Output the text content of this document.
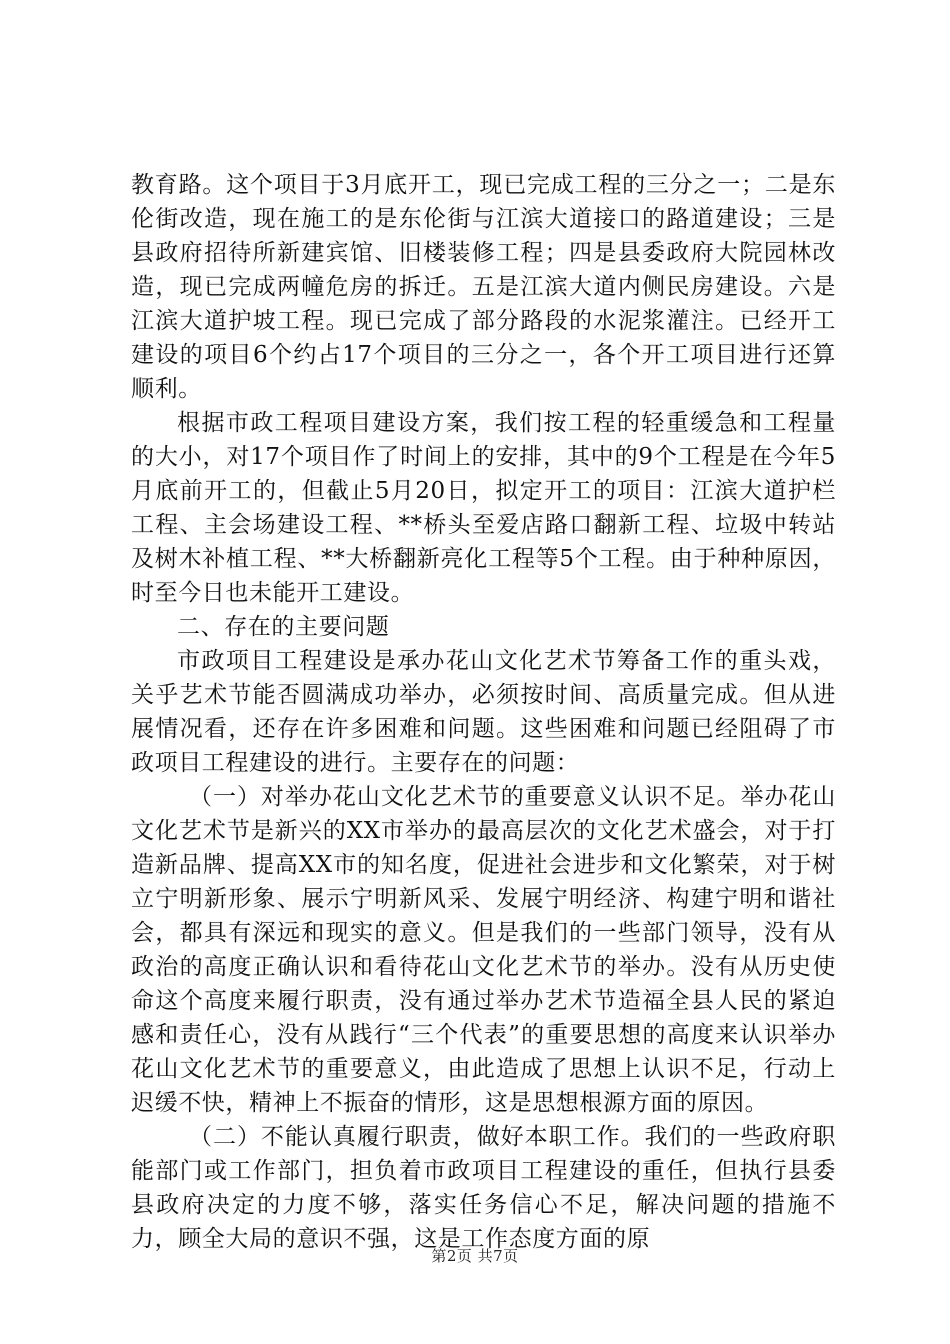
教育路。这个项目于3月底开工，现已完成工程的三分之一；二是东伦街改造，现在施工的是东伦街与江滨大道接口的路道建设；三是县政府招待所新建宾馆、旧楼装修工程；四是县委政府大院园林改造，现已完成两幢危房的拆迁。五是江滨大道内侧民房建设。六是江滨大道护坡工程。现已完成了部分路段的水泥浆灌注。已经开工建设的项目6个约占17个项目的三分之一，各个开工项目进行还算顺利。

根据市政工程项目建设方案，我们按工程的轻重缓急和工程量的大小，对17个项目作了时间上的安排，其中的9个工程是在今年5月底前开工的，但截止5月20日，拟定开工的项目：江滨大道护栏工程、主会场建设工程、**桥头至爱店路口翻新工程、垃圾中转站及树木补植工程、**大桥翻新亮化工程等5个工程。由于种种原因，时至今日也未能开工建设。

二、存在的主要问题

市政项目工程建设是承办花山文化艺术节筹备工作的重头戏，关乎艺术节能否圆满成功举办，必须按时间、高质量完成。但从进展情况看，还存在许多困难和问题。这些困难和问题已经阻碍了市政项目工程建设的进行。主要存在的问题：

（一）对举办花山文化艺术节的重要意义认识不足。举办花山文化艺术节是新兴的XX市举办的最高层次的文化艺术盛会，对于打造新品牌、提高XX市的知名度，促进社会进步和文化繁荣，对于树立宁明新形象、展示宁明新风采、发展宁明经济、构建宁明和谐社会，都具有深远和现实的意义。但是我们的一些部门领导，没有从政治的高度正确认识和看待花山文化艺术节的举办。没有从历史使命这个高度来履行职责，没有通过举办艺术节造福全县人民的紧迫感和责任心，没有从践行“三个代表”的重要思想的高度来认识举办花山文化艺术节的重要意义，由此造成了思想上认识不足，行动上迟缓不快，精神上不振奋的情形，这是思想根源方面的原因。

（二）不能认真履行职责，做好本职工作。我们的一些政府职能部门或工作部门，担负着市政项目工程建设的重任，但执行县委县政府决定的力度不够，落实任务信心不足，解决问题的措施不力，顾全大局的意识不强，这是工作态度方面的原

第2页 共7页
